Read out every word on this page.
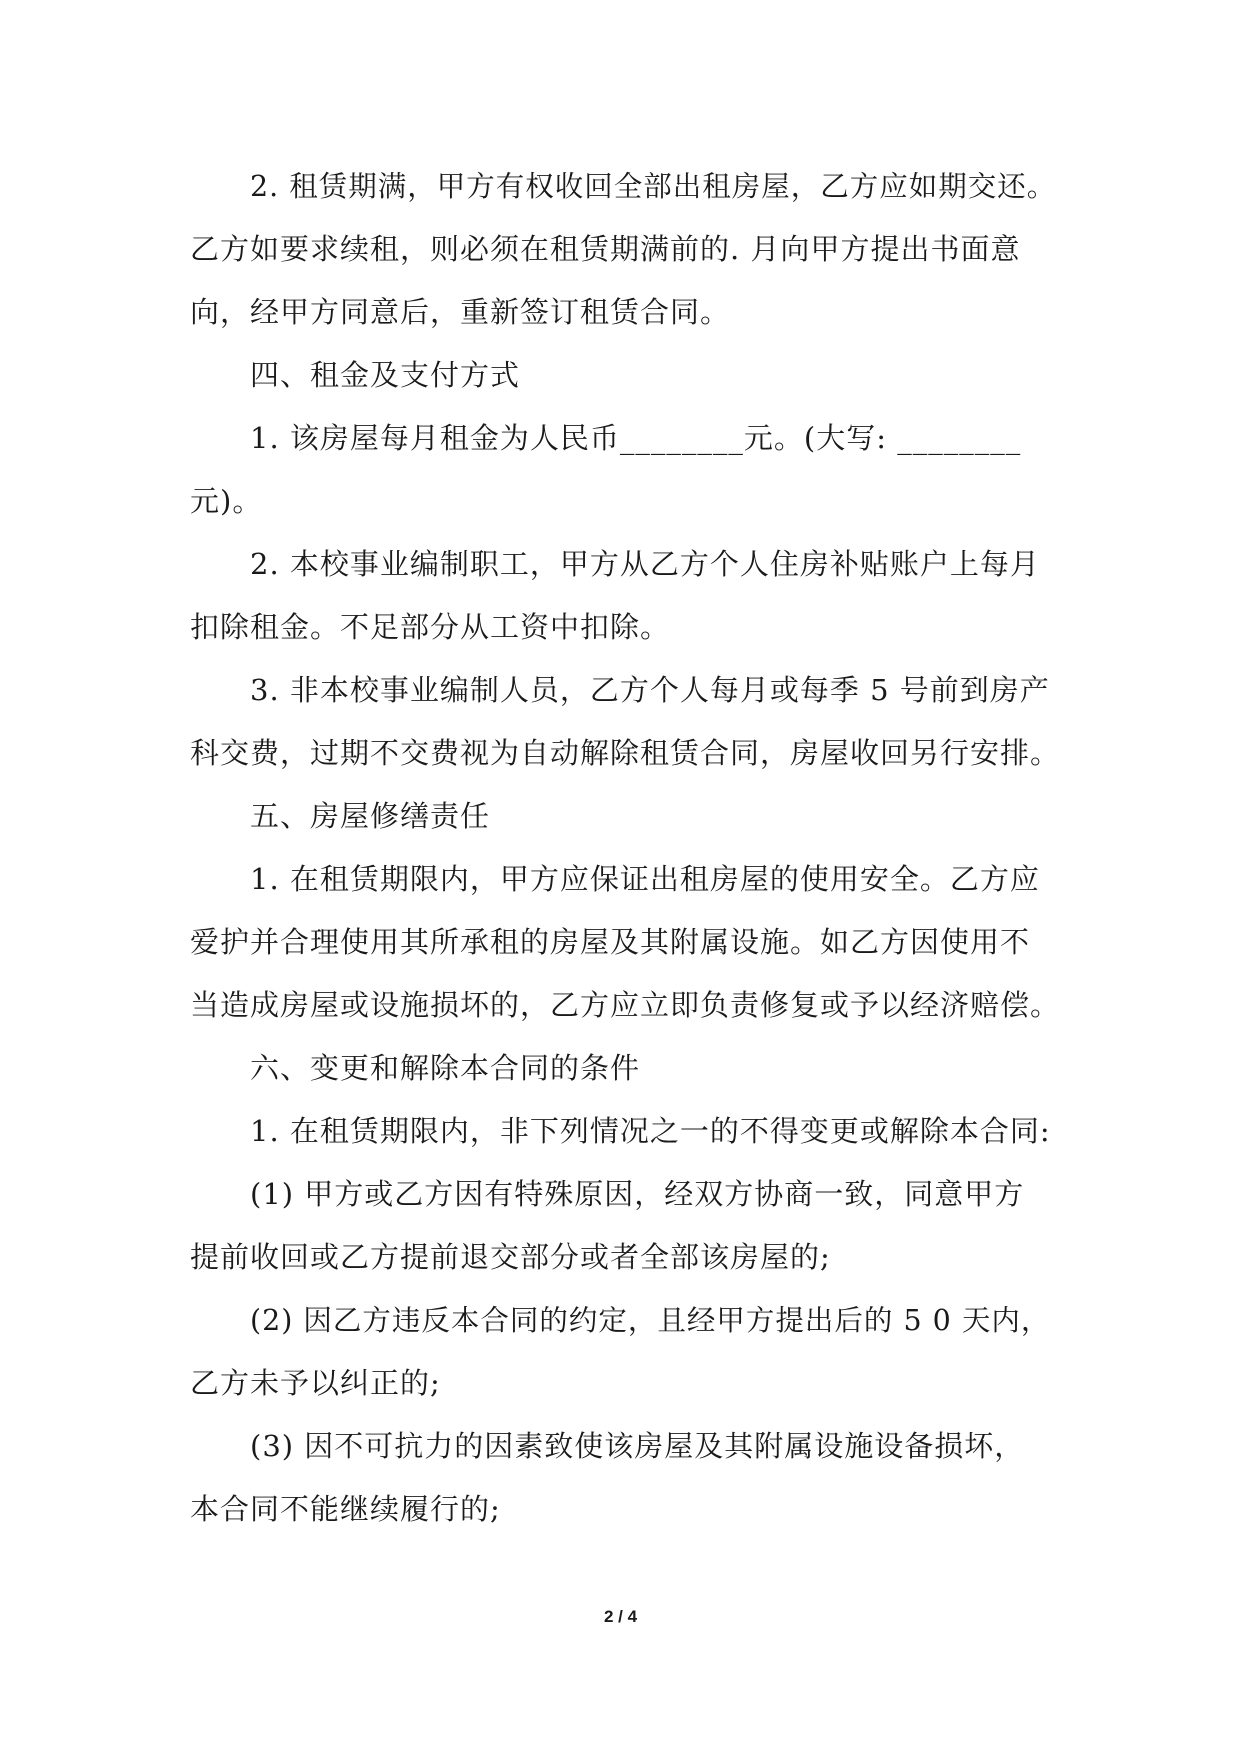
2. 租赁期满，甲方有权收回全部出租房屋，乙方应如期交还。
乙方如要求续租，则必须在租赁期满前的. 月向甲方提出书面意
向，经甲方同意后，重新签订租赁合同。
四、租金及支付方式
1. 该房屋每月租金为人民币________元。(大写: ________
元)。
2. 本校事业编制职工，甲方从乙方个人住房补贴账户上每月
扣除租金。不足部分从工资中扣除。
3. 非本校事业编制人员，乙方个人每月或每季 5 号前到房产
科交费，过期不交费视为自动解除租赁合同，房屋收回另行安排。
五、房屋修缮责任
1. 在租赁期限内，甲方应保证出租房屋的使用安全。乙方应
爱护并合理使用其所承租的房屋及其附属设施。如乙方因使用不
当造成房屋或设施损坏的，乙方应立即负责修复或予以经济赔偿。
六、变更和解除本合同的条件
1. 在租赁期限内，非下列情况之一的不得变更或解除本合同:
(1) 甲方或乙方因有特殊原因，经双方协商一致，同意甲方
提前收回或乙方提前退交部分或者全部该房屋的;
(2) 因乙方违反本合同的约定，且经甲方提出后的 5 0 天内，
乙方未予以纠正的;
(3) 因不可抗力的因素致使该房屋及其附属设施设备损坏，
本合同不能继续履行的;
2 / 4
